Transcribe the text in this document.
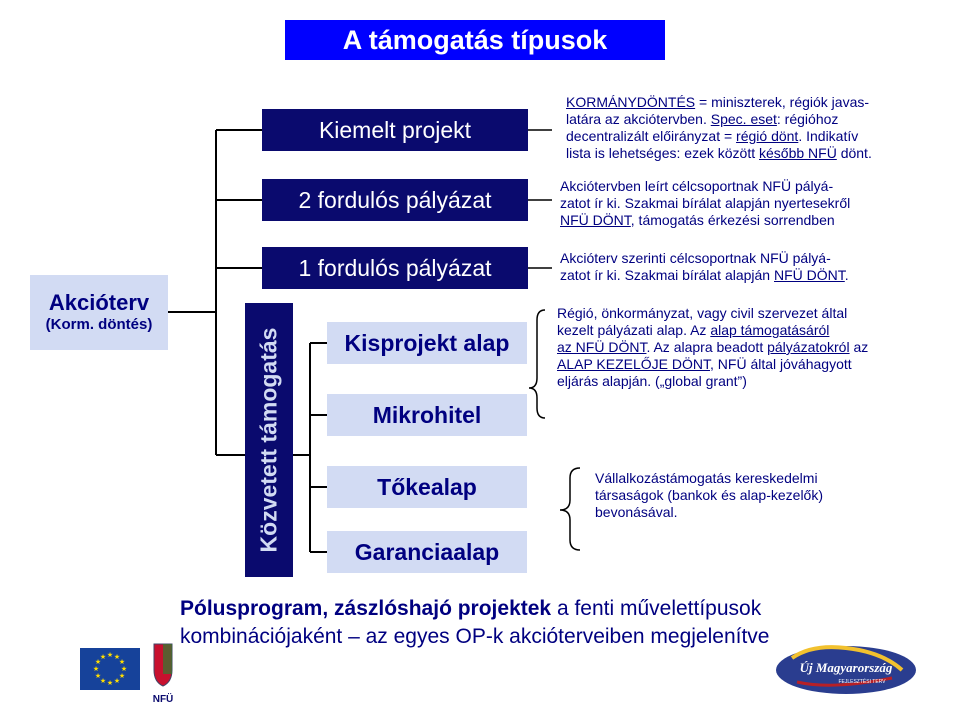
A támogatás típusok
Akcióterv
(Korm. döntés)
Kiemelt projekt
2 fordulós pályázat
1 fordulós pályázat
Közvetett támogatás	Kisprojekt alap
Mikrohitel
Tőkealap
Garanciaalap
KORMÁNYDÖNTÉS = miniszterek, régiók javas-
latára az akciótervben. Spec. eset: régióhoz
decentralizált előirányzat = régió dönt. Indikatív
lista is lehetséges: ezek között később NFÜ dönt.
Akciótervben leírt célcsoportnak NFÜ pályá-
zatot ír ki. Szakmai bírálat alapján nyertesekről
NFÜ DÖNT, támogatás érkezési sorrendben
Akcióterv szerinti célcsoportnak NFÜ pályá-
zatot ír ki. Szakmai bírálat alapján NFÜ DÖNT.
Régió, önkormányzat, vagy civil szervezet által
kezelt pályázati alap. Az alap támogatásáról
az NFÜ DÖNT. Az alapra beadott pályázatokról az
ALAP KEZELŐJE DÖNT, NFÜ által jóváhagyott
eljárás alapján. („global grant”)
Vállalkozástámogatás kereskedelmi
társaságok (bankok és alap-kezelők)
bevonásával.
Pólusprogram, zászlóshajó projektek a fenti művelettípusok
kombinációjaként – az egyes OP-k akcióterveiben megjelenítve
★ ★
★
★
★
★
★
★
★
★
★
★
NFÜ
Új Magyarország
FEJLESZTÉSI TERV
